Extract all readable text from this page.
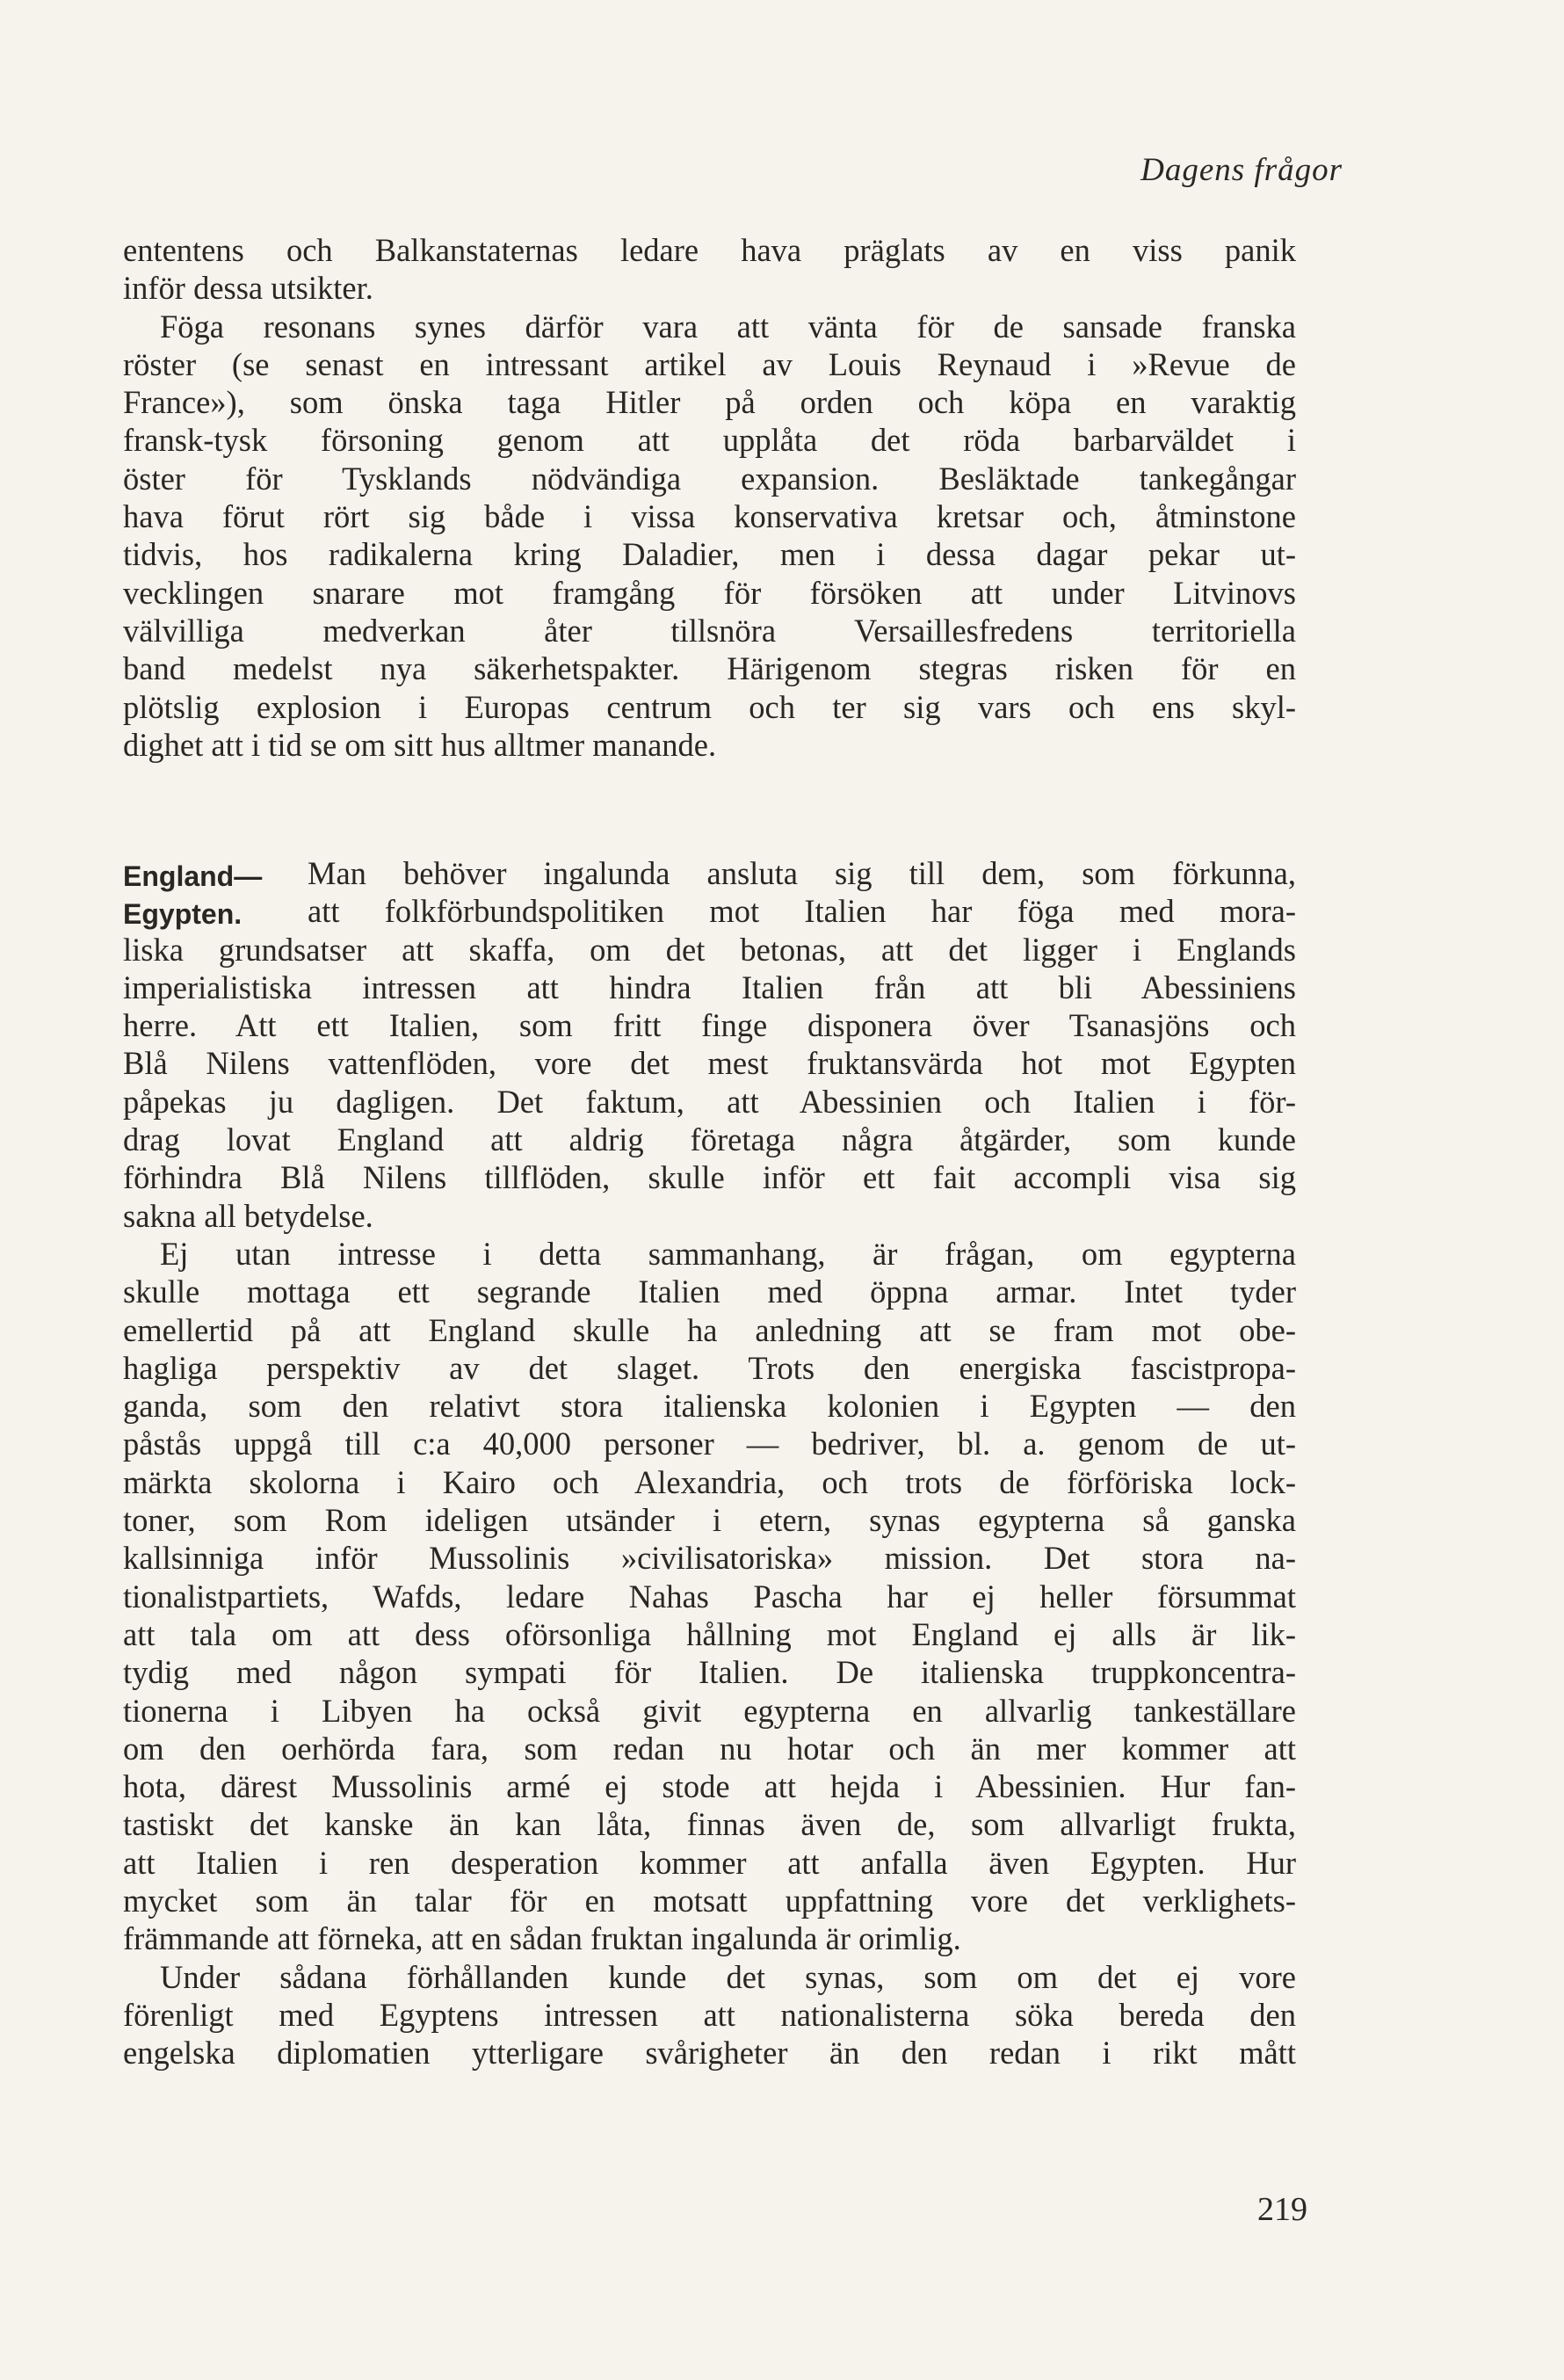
Dagens frågor

ententens och Balkanstaternas ledare hava präglats av en viss panik
inför dessa utsikter.

Föga resonans synes därför vara att vänta för de sansade franska
röster (se senast en intressant artikel av Louis Reynaud i »Revue de
France»), som önska taga Hitler på orden och köpa en varaktig
fransk-tysk försoning genom att upplåta det röda barbarväldet i
öster för Tysklands nödvändiga expansion. Besläktade tankegångar
hava förut rört sig både i vissa konservativa kretsar och, åtminstone
tidvis, hos radikalerna kring Daladier, men i dessa dagar pekar ut-
vecklingen snarare mot framgång för försöken att under Litvinovs
välvilliga medverkan åter tillsnöra Versaillesfredens territoriella
band medelst nya säkerhetspakter. Härigenom stegras risken för en
plötslig explosion i Europas centrum och ter sig vars och ens skyl-
dighet att i tid se om sitt hus alltmer manande.

England—
Egypten.
Man behöver ingalunda ansluta sig till dem, som förkunna,
att folkförbundspolitiken mot Italien har föga med mora-

liska grundsatser att skaffa, om det betonas, att det ligger i Englands
imperialistiska intressen att hindra Italien från att bli Abessiniens
herre. Att ett Italien, som fritt finge disponera över Tsanasjöns och
Blå Nilens vattenflöden, vore det mest fruktansvärda hot mot Egypten
påpekas ju dagligen. Det faktum, att Abessinien och Italien i för-
drag lovat England att aldrig företaga några åtgärder, som kunde
förhindra Blå Nilens tillflöden, skulle inför ett fait accompli visa sig
sakna all betydelse.

Ej utan intresse i detta sammanhang, är frågan, om egypterna
skulle mottaga ett segrande Italien med öppna armar. Intet tyder
emellertid på att England skulle ha anledning att se fram mot obe-
hagliga perspektiv av det slaget. Trots den energiska fascistpropa-
ganda, som den relativt stora italienska kolonien i Egypten — den
påstås uppgå till c:a 40,000 personer — bedriver, bl. a. genom de ut-
märkta skolorna i Kairo och Alexandria, och trots de förföriska lock-
toner, som Rom ideligen utsänder i etern, synas egypterna så ganska
kallsinniga inför Mussolinis »civilisatoriska» mission. Det stora na-
tionalistpartiets, Wafds, ledare Nahas Pascha har ej heller försummat
att tala om att dess oförsonliga hållning mot England ej alls är lik-
tydig med någon sympati för Italien. De italienska truppkoncentra-
tionerna i Libyen ha också givit egypterna en allvarlig tankeställare
om den oerhörda fara, som redan nu hotar och än mer kommer att
hota, därest Mussolinis armé ej stode att hejda i Abessinien. Hur fan-
tastiskt det kanske än kan låta, finnas även de, som allvarligt frukta,
att Italien i ren desperation kommer att anfalla även Egypten. Hur
mycket som än talar för en motsatt uppfattning vore det verklighets-
främmande att förneka, att en sådan fruktan ingalunda är orimlig.

Under sådana förhållanden kunde det synas, som om det ej vore
förenligt med Egyptens intressen att nationalisterna söka bereda den
engelska diplomatien ytterligare svårigheter än den redan i rikt mått

219
